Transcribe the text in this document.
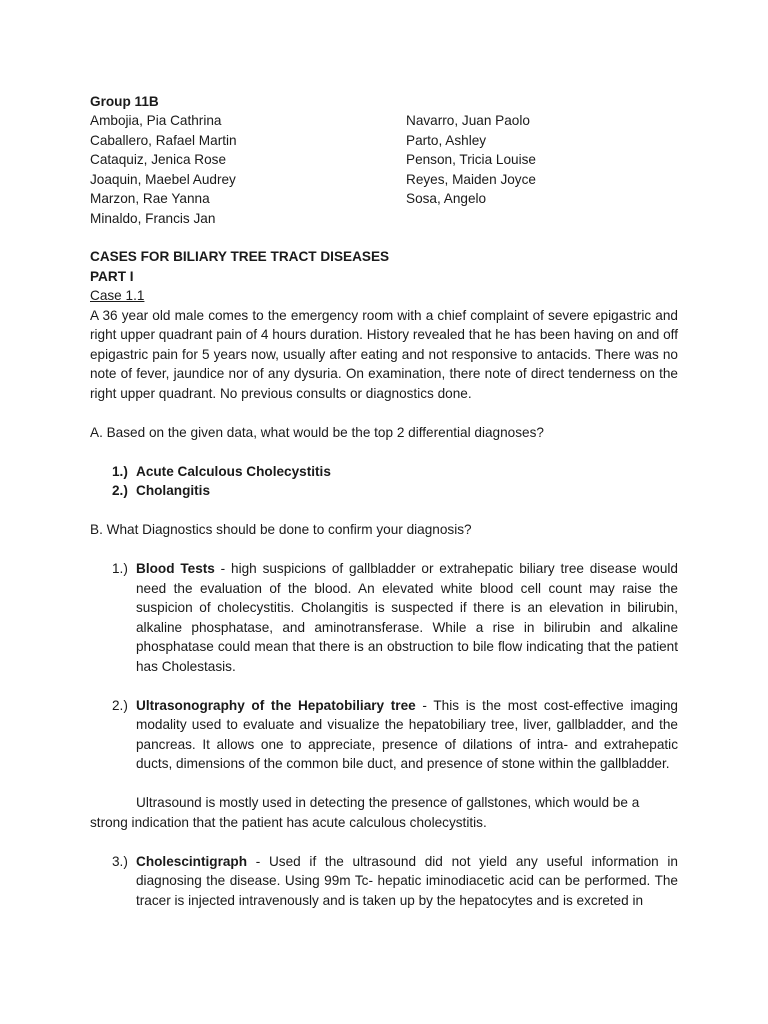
Group 11B
Ambojia, Pia Cathrina
Caballero, Rafael Martin
Cataquiz, Jenica Rose
Joaquin, Maebel Audrey
Marzon, Rae Yanna
Minaldo, Francis Jan
Navarro, Juan Paolo
Parto, Ashley
Penson, Tricia Louise
Reyes, Maiden Joyce
Sosa, Angelo

CASES FOR BILIARY TREE TRACT DISEASES

PART I

Case 1.1

A 36 year old male comes to the emergency room with a chief complaint of severe epigastric and right upper quadrant pain of 4 hours duration. History revealed that he has been having on and off epigastric pain for 5 years now, usually after eating and not responsive to antacids. There was no note of fever, jaundice nor of any dysuria. On examination, there note of direct tenderness on the right upper quadrant. No previous consults or diagnostics done.

A. Based on the given data, what would be the top 2 differential diagnoses?

1.) Acute Calculous Cholecystitis
2.) Cholangitis

B. What Diagnostics should be done to confirm your diagnosis?

1.) Blood Tests - high suspicions of gallbladder or extrahepatic biliary tree disease would need the evaluation of the blood. An elevated white blood cell count may raise the suspicion of cholecystitis. Cholangitis is suspected if there is an elevation in bilirubin, alkaline phosphatase, and aminotransferase. While a rise in bilirubin and alkaline phosphatase could mean that there is an obstruction to bile flow indicating that the patient has Cholestasis.
2.) Ultrasonography of the Hepatobiliary tree - This is the most cost-effective imaging modality used to evaluate and visualize the hepatobiliary tree, liver, gallbladder, and the pancreas. It allows one to appreciate, presence of dilations of intra- and extrahepatic ducts, dimensions of the common bile duct, and presence of stone within the gallbladder.

Ultrasound is mostly used in detecting the presence of gallstones, which would be a strong indication that the patient has acute calculous cholecystitis.

3.) Cholescintigraph - Used if the ultrasound did not yield any useful information in diagnosing the disease. Using 99m Tc- hepatic iminodiacetic acid can be performed. The tracer is injected intravenously and is taken up by the hepatocytes and is excreted in
